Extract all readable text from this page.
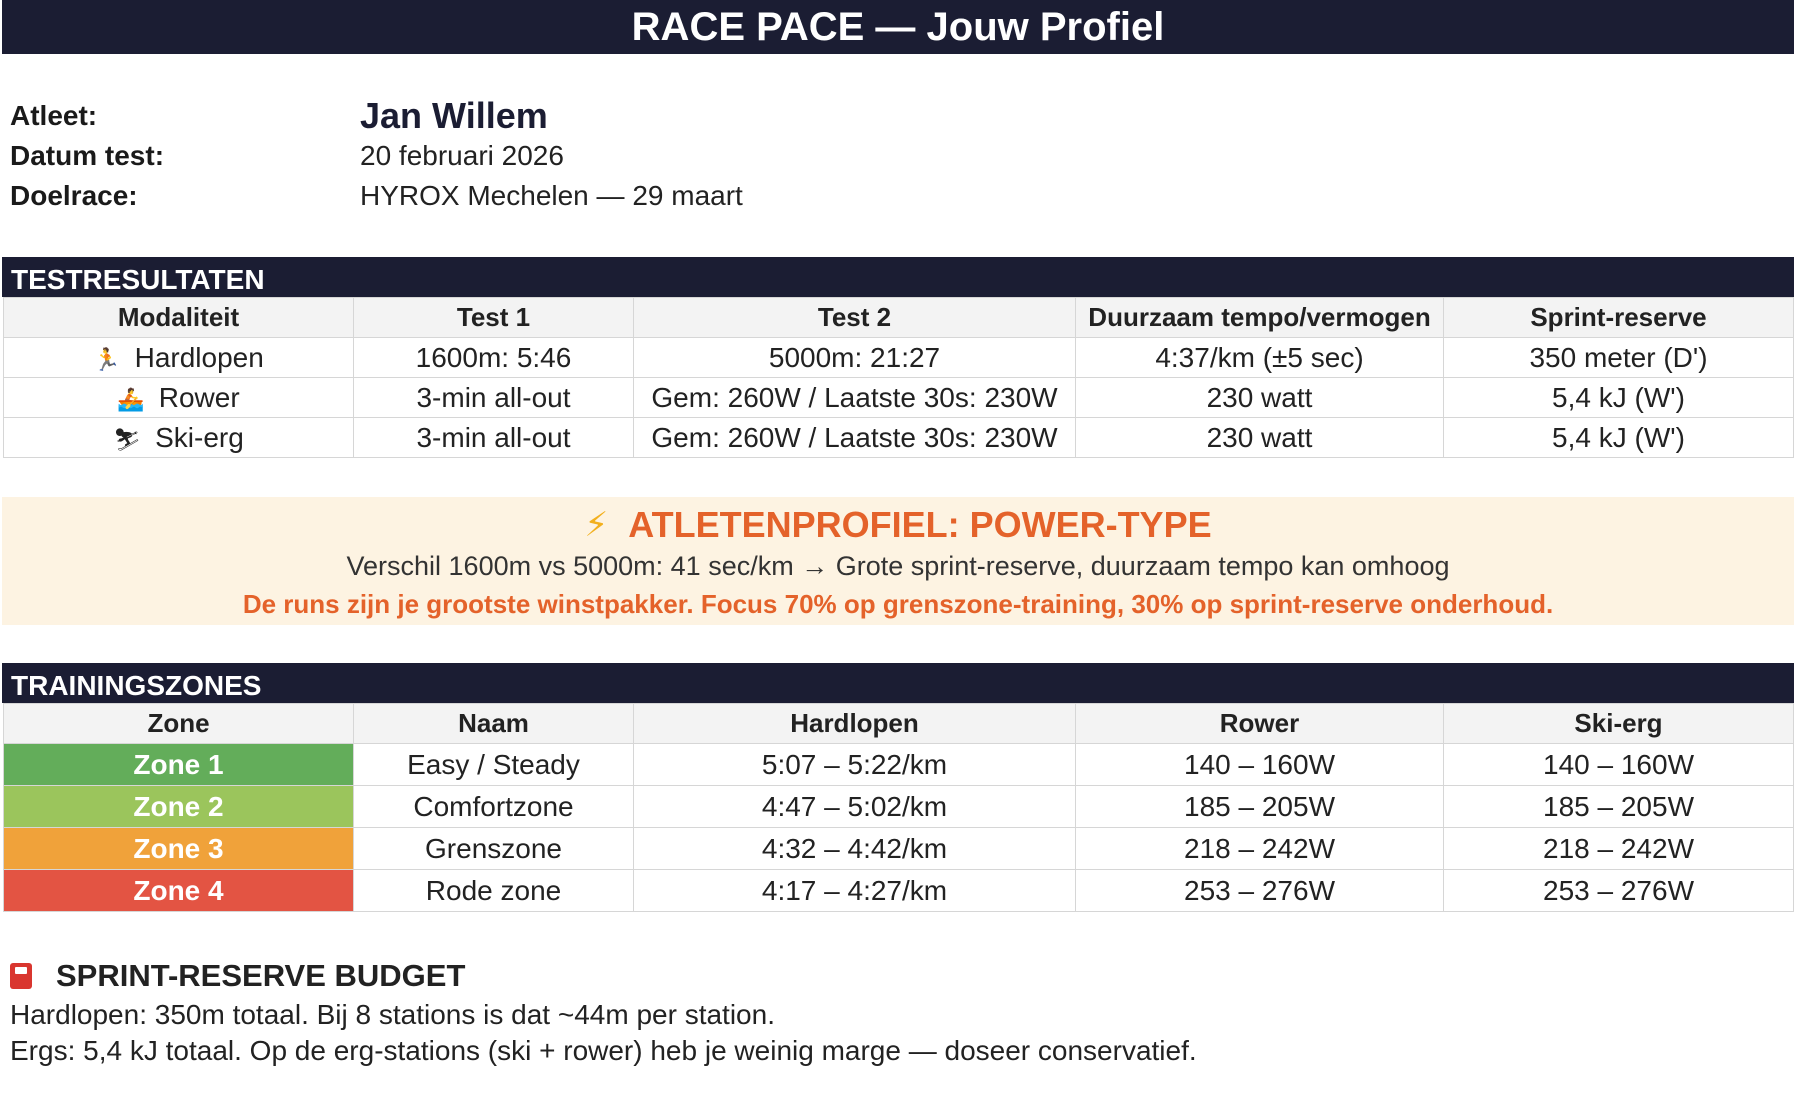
RACE PACE — Jouw Profiel
Atleet:	Jan Willem
Datum test:	20 februari 2026
Doelrace:	HYROX Mechelen — 29 maart
TESTRESULTATEN
Modaliteit	Test 1	Test 2	Duurzaam tempo/vermogen	Sprint-reserve
🏃 Hardlopen	1600m: 5:46	5000m: 21:27	4:37/km (±5 sec)	350 meter (D')
🚣 Rower	3-min all-out	Gem: 260W / Laatste 30s: 230W	230 watt	5,4 kJ (W')
⛷ Ski-erg	3-min all-out	Gem: 260W / Laatste 30s: 230W	230 watt	5,4 kJ (W')
⚡ ATLETENPROFIEL: POWER-TYPE
Verschil 1600m vs 5000m: 41 sec/km → Grote sprint-reserve, duurzaam tempo kan omhoog
De runs zijn je grootste winstpakker. Focus 70% op grenszone-training, 30% op sprint-reserve onderhoud.
TRAININGSZONES
Zone	Naam	Hardlopen	Rower	Ski-erg
Zone 1	Easy / Steady	5:07 – 5:22/km	140 – 160W	140 – 160W
Zone 2	Comfortzone	4:47 – 5:02/km	185 – 205W	185 – 205W
Zone 3	Grenszone	4:32 – 4:42/km	218 – 242W	218 – 242W
Zone 4	Rode zone	4:17 – 4:27/km	253 – 276W	253 – 276W
SPRINT-RESERVE BUDGET
Hardlopen: 350m totaal. Bij 8 stations is dat ~44m per station.
Ergs: 5,4 kJ totaal. Op de erg-stations (ski + rower) heb je weinig marge — doseer conservatief.
